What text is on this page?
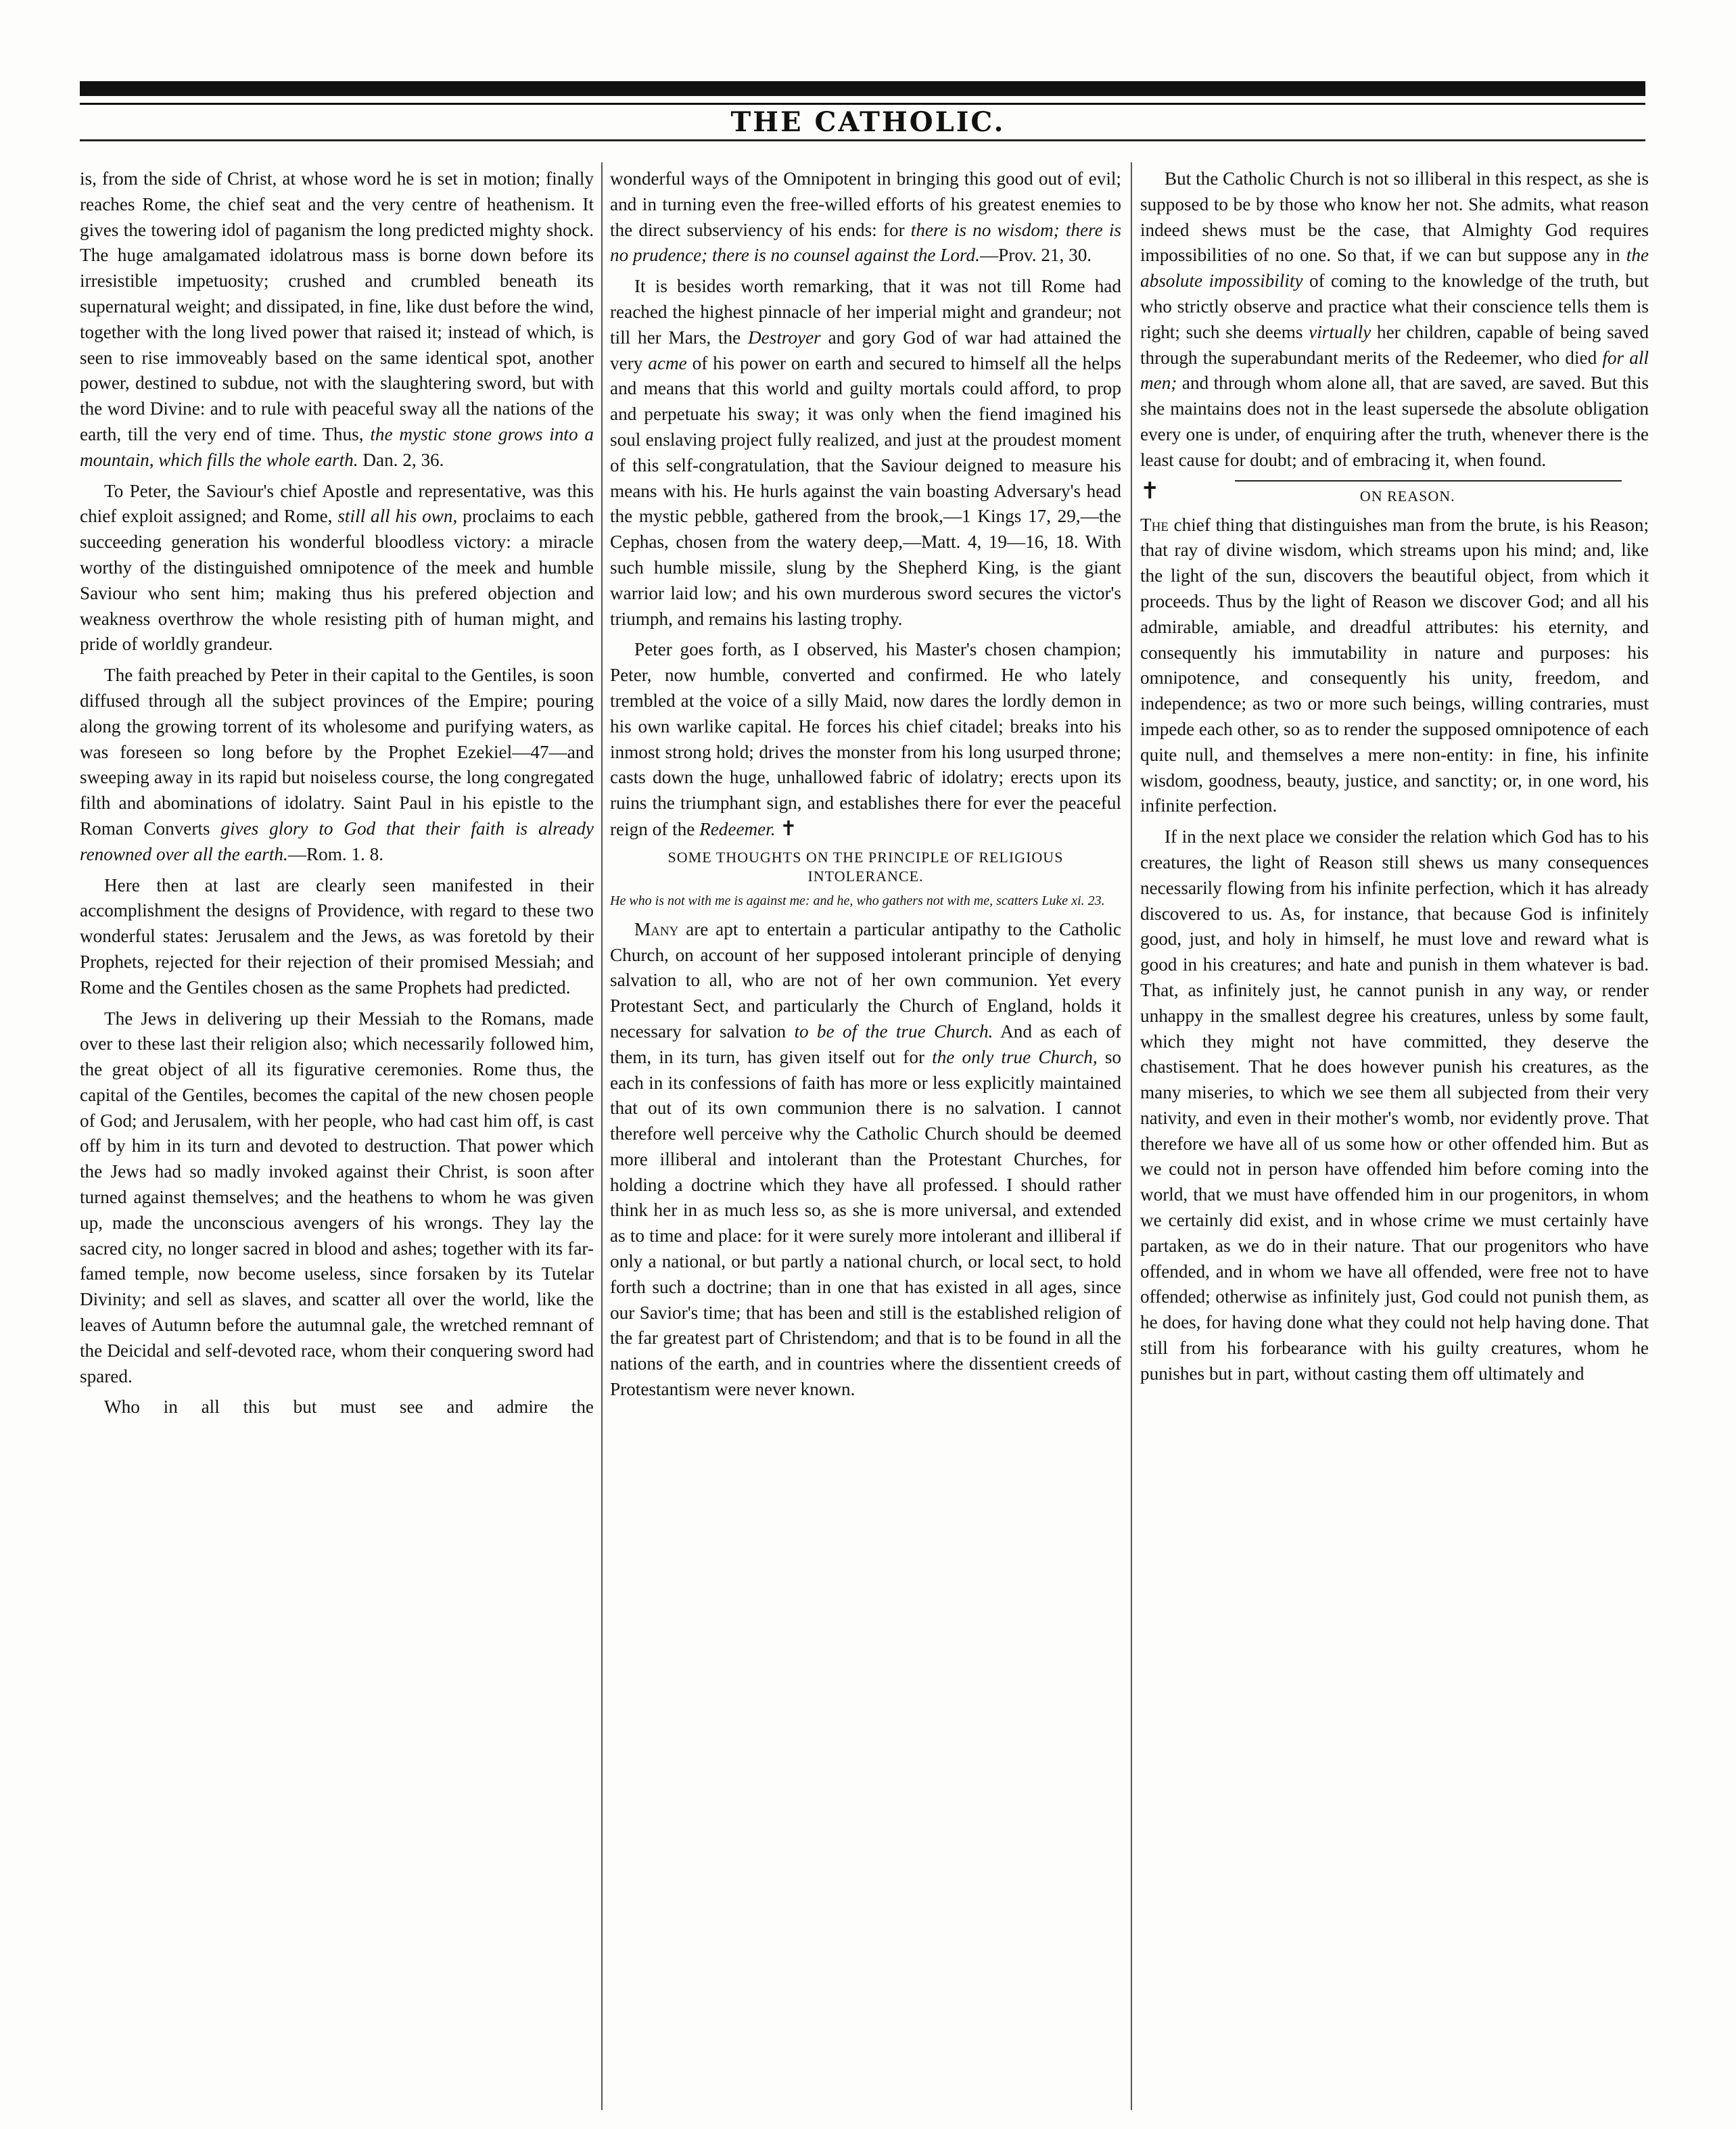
THE CATHOLIC.

is, from the side of Christ, at whose word he is set in motion; finally reaches Rome, the chief seat and the very centre of heathenism. It gives the towering idol of paganism the long predicted mighty shock. The huge amalgamated idolatrous mass is borne down before its irresistible impetuosity; crushed and crumbled beneath its supernatural weight; and dissipated, in fine, like dust before the wind, together with the long lived power that raised it; instead of which, is seen to rise immoveably based on the same identical spot, another power, destined to subdue, not with the slaughtering sword, but with the word Divine: and to rule with peaceful sway all the nations of the earth, till the very end of time. Thus, the mystic stone grows into a mountain, which fills the whole earth. Dan. 2, 36.

To Peter, the Saviour's chief Apostle and representative, was this chief exploit assigned; and Rome, still all his own, proclaims to each succeeding generation his wonderful bloodless victory: a miracle worthy of the distinguished omnipotence of the meek and humble Saviour who sent him; making thus his prefered objection and weakness overthrow the whole resisting pith of human might, and pride of worldly grandeur.

The faith preached by Peter in their capital to the Gentiles, is soon diffused through all the subject provinces of the Empire; pouring along the growing torrent of its wholesome and purifying waters, as was foreseen so long before by the Prophet Ezekiel—47—and sweeping away in its rapid but noiseless course, the long congregated filth and abominations of idolatry. Saint Paul in his epistle to the Roman Converts gives glory to God that their faith is already renowned over all the earth.—Rom. 1. 8.

Here then at last are clearly seen manifested in their accomplishment the designs of Providence, with regard to these two wonderful states: Jerusalem and the Jews, as was foretold by their Prophets, rejected for their rejection of their promised Messiah; and Rome and the Gentiles chosen as the same Prophets had predicted.

The Jews in delivering up their Messiah to the Romans, made over to these last their religion also; which necessarily followed him, the great object of all its figurative ceremonies. Rome thus, the capital of the Gentiles, becomes the capital of the new chosen people of God; and Jerusalem, with her people, who had cast him off, is cast off by him in its turn and devoted to destruction. That power which the Jews had so madly invoked against their Christ, is soon after turned against themselves; and the heathens to whom he was given up, made the unconscious avengers of his wrongs. They lay the sacred city, no longer sacred in blood and ashes; together with its far-famed temple, now become useless, since forsaken by its Tutelar Divinity; and sell as slaves, and scatter all over the world, like the leaves of Autumn before the autumnal gale, the wretched remnant of the Deicidal and self-devoted race, whom their conquering sword had spared.

Who in all this but must see and admire the

wonderful ways of the Omnipotent in bringing this good out of evil; and in turning even the free-willed efforts of his greatest enemies to the direct subserviency of his ends: for there is no wisdom; there is no prudence; there is no counsel against the Lord.—Prov. 21, 30.

It is besides worth remarking, that it was not till Rome had reached the highest pinnacle of her imperial might and grandeur; not till her Mars, the Destroyer and gory God of war had attained the very acme of his power on earth and secured to himself all the helps and means that this world and guilty mortals could afford, to prop and perpetuate his sway; it was only when the fiend imagined his soul enslaving project fully realized, and just at the proudest moment of this self-congratulation, that the Saviour deigned to measure his means with his. He hurls against the vain boasting Adversary's head the mystic pebble, gathered from the brook,—1 Kings 17, 29,—the Cephas, chosen from the watery deep,—Matt. 4, 19—16, 18. With such humble missile, slung by the Shepherd King, is the giant warrior laid low; and his own murderous sword secures the victor's triumph, and remains his lasting trophy.

Peter goes forth, as I observed, his Master's chosen champion; Peter, now humble, converted and confirmed. He who lately trembled at the voice of a silly Maid, now dares the lordly demon in his own warlike capital. He forces his chief citadel; breaks into his inmost strong hold; drives the monster from his long usurped throne; casts down the huge, unhallowed fabric of idolatry; erects upon its ruins the triumphant sign, and establishes there for ever the peaceful reign of the Redeemer. ✝

SOME THOUGHTS ON THE PRINCIPLE OF RELIGIOUS INTOLERANCE.
He who is not with me is against me: and he, who gathers not with me, scatters Luke xi. 23.

Many are apt to entertain a particular antipathy to the Catholic Church, on account of her supposed intolerant principle of denying salvation to all, who are not of her own communion. Yet every Protestant Sect, and particularly the Church of England, holds it necessary for salvation to be of the true Church. And as each of them, in its turn, has given itself out for the only true Church, so each in its confessions of faith has more or less explicitly maintained that out of its own communion there is no salvation. I cannot therefore well perceive why the Catholic Church should be deemed more illiberal and intolerant than the Protestant Churches, for holding a doctrine which they have all professed. I should rather think her in as much less so, as she is more universal, and extended as to time and place: for it were surely more intolerant and illiberal if only a national, or but partly a national church, or local sect, to hold forth such a doctrine; than in one that has existed in all ages, since our Savior's time; that has been and still is the established religion of the far greatest part of Christendom; and that is to be found in all the nations of the earth, and in countries where the dissentient creeds of Protestantism were never known.

But the Catholic Church is not so illiberal in this respect, as she is supposed to be by those who know her not. She admits, what reason indeed shews must be the case, that Almighty God requires impossibilities of no one. So that, if we can but suppose any in the absolute impossibility of coming to the knowledge of the truth, but who strictly observe and practice what their conscience tells them is right; such she deems virtually her children, capable of being saved through the superabundant merits of the Redeemer, who died for all men; and through whom alone all, that are saved, are saved. But this she maintains does not in the least supersede the absolute obligation every one is under, of enquiring after the truth, whenever there is the least cause for doubt; and of embracing it, when found.

✝	ON REASON.

The chief thing that distinguishes man from the brute, is his Reason; that ray of divine wisdom, which streams upon his mind; and, like the light of the sun, discovers the beautiful object, from which it proceeds. Thus by the light of Reason we discover God; and all his admirable, amiable, and dreadful attributes: his eternity, and consequently his immutability in nature and purposes: his omnipotence, and consequently his unity, freedom, and independence; as two or more such beings, willing contraries, must impede each other, so as to render the supposed omnipotence of each quite null, and themselves a mere non-entity: in fine, his infinite wisdom, goodness, beauty, justice, and sanctity; or, in one word, his infinite perfection.

If in the next place we consider the relation which God has to his creatures, the light of Reason still shews us many consequences necessarily flowing from his infinite perfection, which it has already discovered to us. As, for instance, that because God is infinitely good, just, and holy in himself, he must love and reward what is good in his creatures; and hate and punish in them whatever is bad. That, as infinitely just, he cannot punish in any way, or render unhappy in the smallest degree his creatures, unless by some fault, which they might not have committed, they deserve the chastisement. That he does however punish his creatures, as the many miseries, to which we see them all subjected from their very nativity, and even in their mother's womb, nor evidently prove. That therefore we have all of us some how or other offended him. But as we could not in person have offended him before coming into the world, that we must have offended him in our progenitors, in whom we certainly did exist, and in whose crime we must certainly have partaken, as we do in their nature. That our progenitors who have offended, and in whom we have all offended, were free not to have offended; otherwise as infinitely just, God could not punish them, as he does, for having done what they could not help having done. That still from his forbearance with his guilty creatures, whom he punishes but in part, without casting them off ultimately and
